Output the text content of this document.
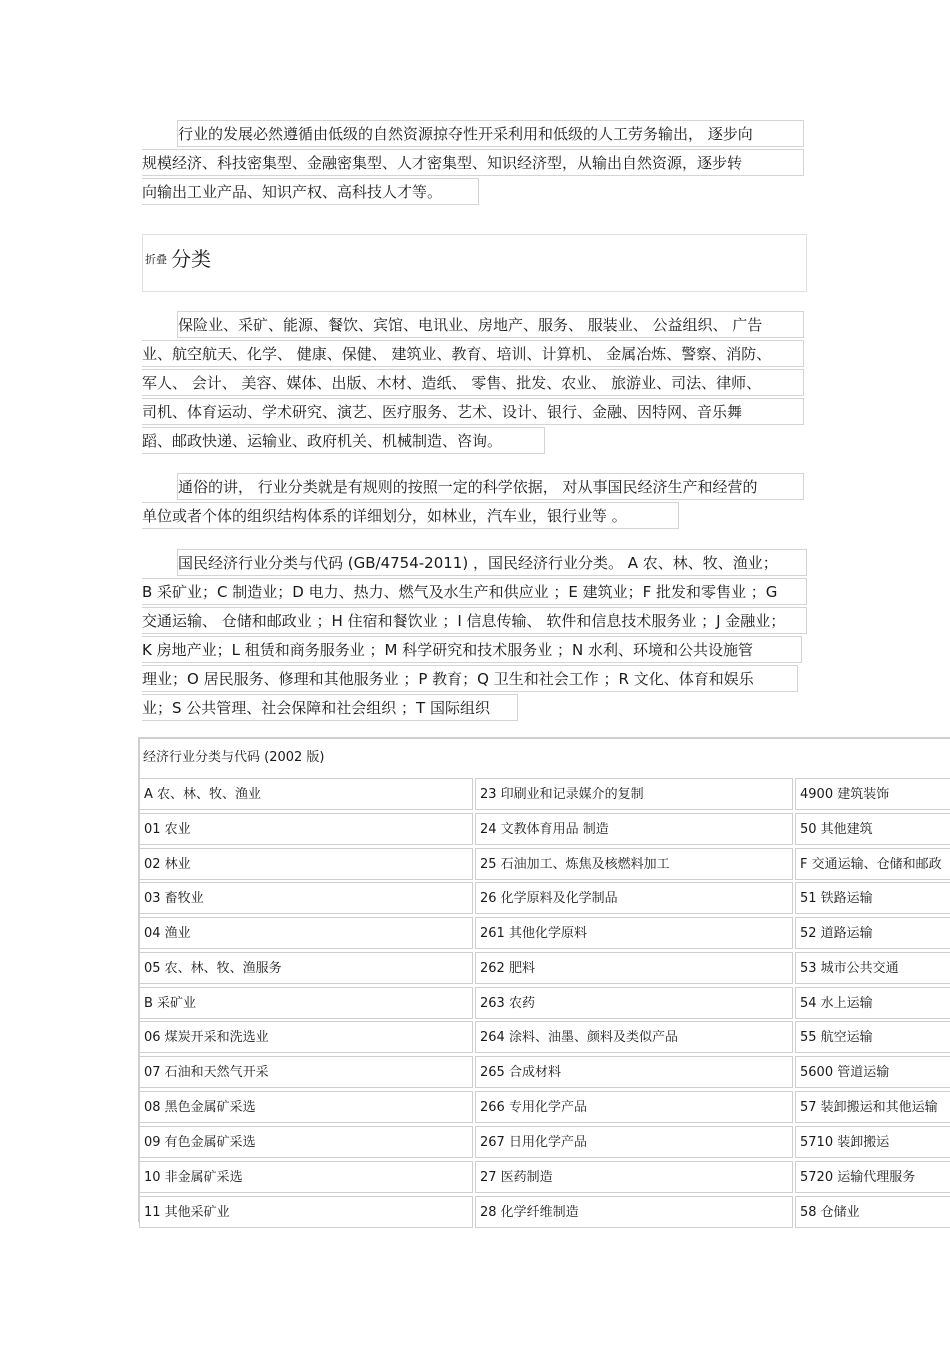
行业的发展必然遵循由低级的自然资源掠夺性开采利用和低级的人工劳务输出， 逐步向
规模经济、科技密集型、金融密集型、人才密集型、知识经济型，从输出自然资源，逐步转
向输出工业产品、知识产权、高科技人才等。
折叠 分类
保险业、采矿、能源、餐饮、宾馆、电讯业、房地产、服务、 服装业、 公益组织、 广告
业、航空航天、化学、 健康、保健、 建筑业、教育、培训、计算机、 金属冶炼、警察、消防、
军人、 会计、 美容、媒体、出版、木材、造纸、 零售、批发、农业、 旅游业、司法、律师、
司机、体育运动、学术研究、演艺、医疗服务、艺术、设计、银行、金融、因特网、音乐舞
蹈、邮政快递、运输业、政府机关、机械制造、咨询。
通俗的讲， 行业分类就是有规则的按照一定的科学依据， 对从事国民经济生产和经营的
单位或者个体的组织结构体系的详细划分，如林业，汽车业，银行业等 。
国民经济行业分类与代码 (GB/4754-2011) ，国民经济行业分类。 A 农、林、牧、渔业；
B 采矿业；C 制造业；D 电力、热力、燃气及水生产和供应业 ；E 建筑业；F 批发和零售业 ；G
交通运输、 仓储和邮政业 ；H 住宿和餐饮业 ；I 信息传输、 软件和信息技术服务业 ；J 金融业；
K 房地产业；L 租赁和商务服务业 ；M 科学研究和技术服务业 ；N 水利、环境和公共设施管
理业；O 居民服务、修理和其他服务业 ；P 教育；Q 卫生和社会工作 ；R 文化、体育和娱乐
业；S 公共管理、社会保障和社会组织 ；T 国际组织
经济行业分类与代码 (2002 版)
A 农、林、牧、渔业	23 印刷业和记录媒介的复制	4900 建筑装饰
01 农业	24 文教体育用品 制造	50 其他建筑
02 林业	25 石油加工、炼焦及核燃料加工	F 交通运输、仓储和邮政
03 畜牧业	26 化学原料及化学制品	51 铁路运输
04 渔业	261 其他化学原料	52 道路运输
05 农、林、牧、渔服务	262 肥料	53 城市公共交通
B 采矿业	263 农药	54 水上运输
06 煤炭开采和洗选业	264 涂料、油墨、颜料及类似产品	55 航空运输
07 石油和天然气开采	265 合成材料	5600 管道运输
08 黑色金属矿采选	266 专用化学产品	57 装卸搬运和其他运输
09 有色金属矿采选	267 日用化学产品	5710 装卸搬运
10 非金属矿采选	27 医药制造	5720 运输代理服务
11 其他采矿业	28 化学纤维制造	58 仓储业
